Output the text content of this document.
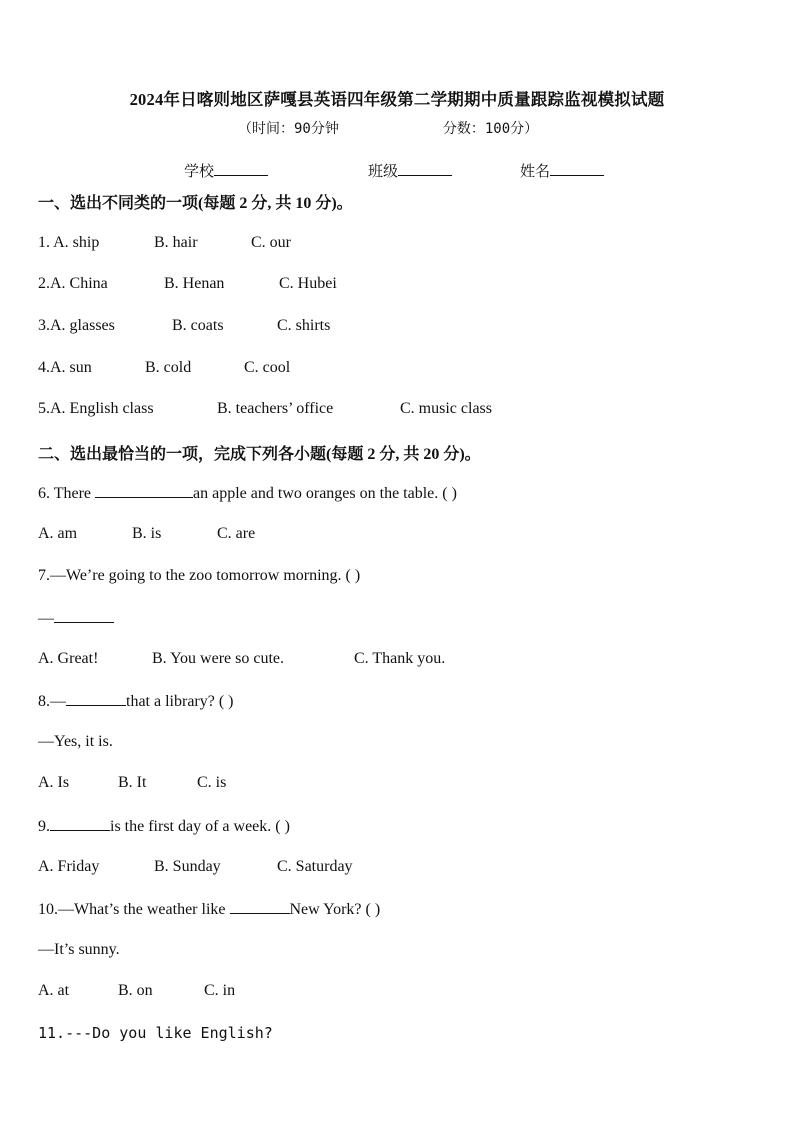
2024年日喀则地区萨嘎县英语四年级第二学期期中质量跟踪监视模拟试题
（时间：90分钟	分数：100分）
学校	班级	姓名
一、选出不同类的一项(每题 2 分, 共 10 分)。
1. A. ship	B. hair	C. our
2.A. China	B. Henan	C. Hubei
3.A. glasses	B. coats	C. shirts
4.A. sun	B. cold	C. cool
5.A. English class	B. teachers’ office	C. music class
二、选出最恰当的一项，完成下列各小题(每题 2 分, 共 20 分)。
6. There	an apple and two oranges on the table. ( )
A. am	B. is	C. are
7.—We’re going to the zoo tomorrow morning. ( )
—
A. Great!	B. You were so cute.	C. Thank you.
8.—	that a library? ( )
—Yes, it is.
A. Is	B. It	C. is
9.	is the first day of a week. ( )
A. Friday	B. Sunday	C. Saturday
10.—What’s the weather like	New York? ( )
—It’s sunny.
A. at	B. on	C. in
11.---Do you like English?
